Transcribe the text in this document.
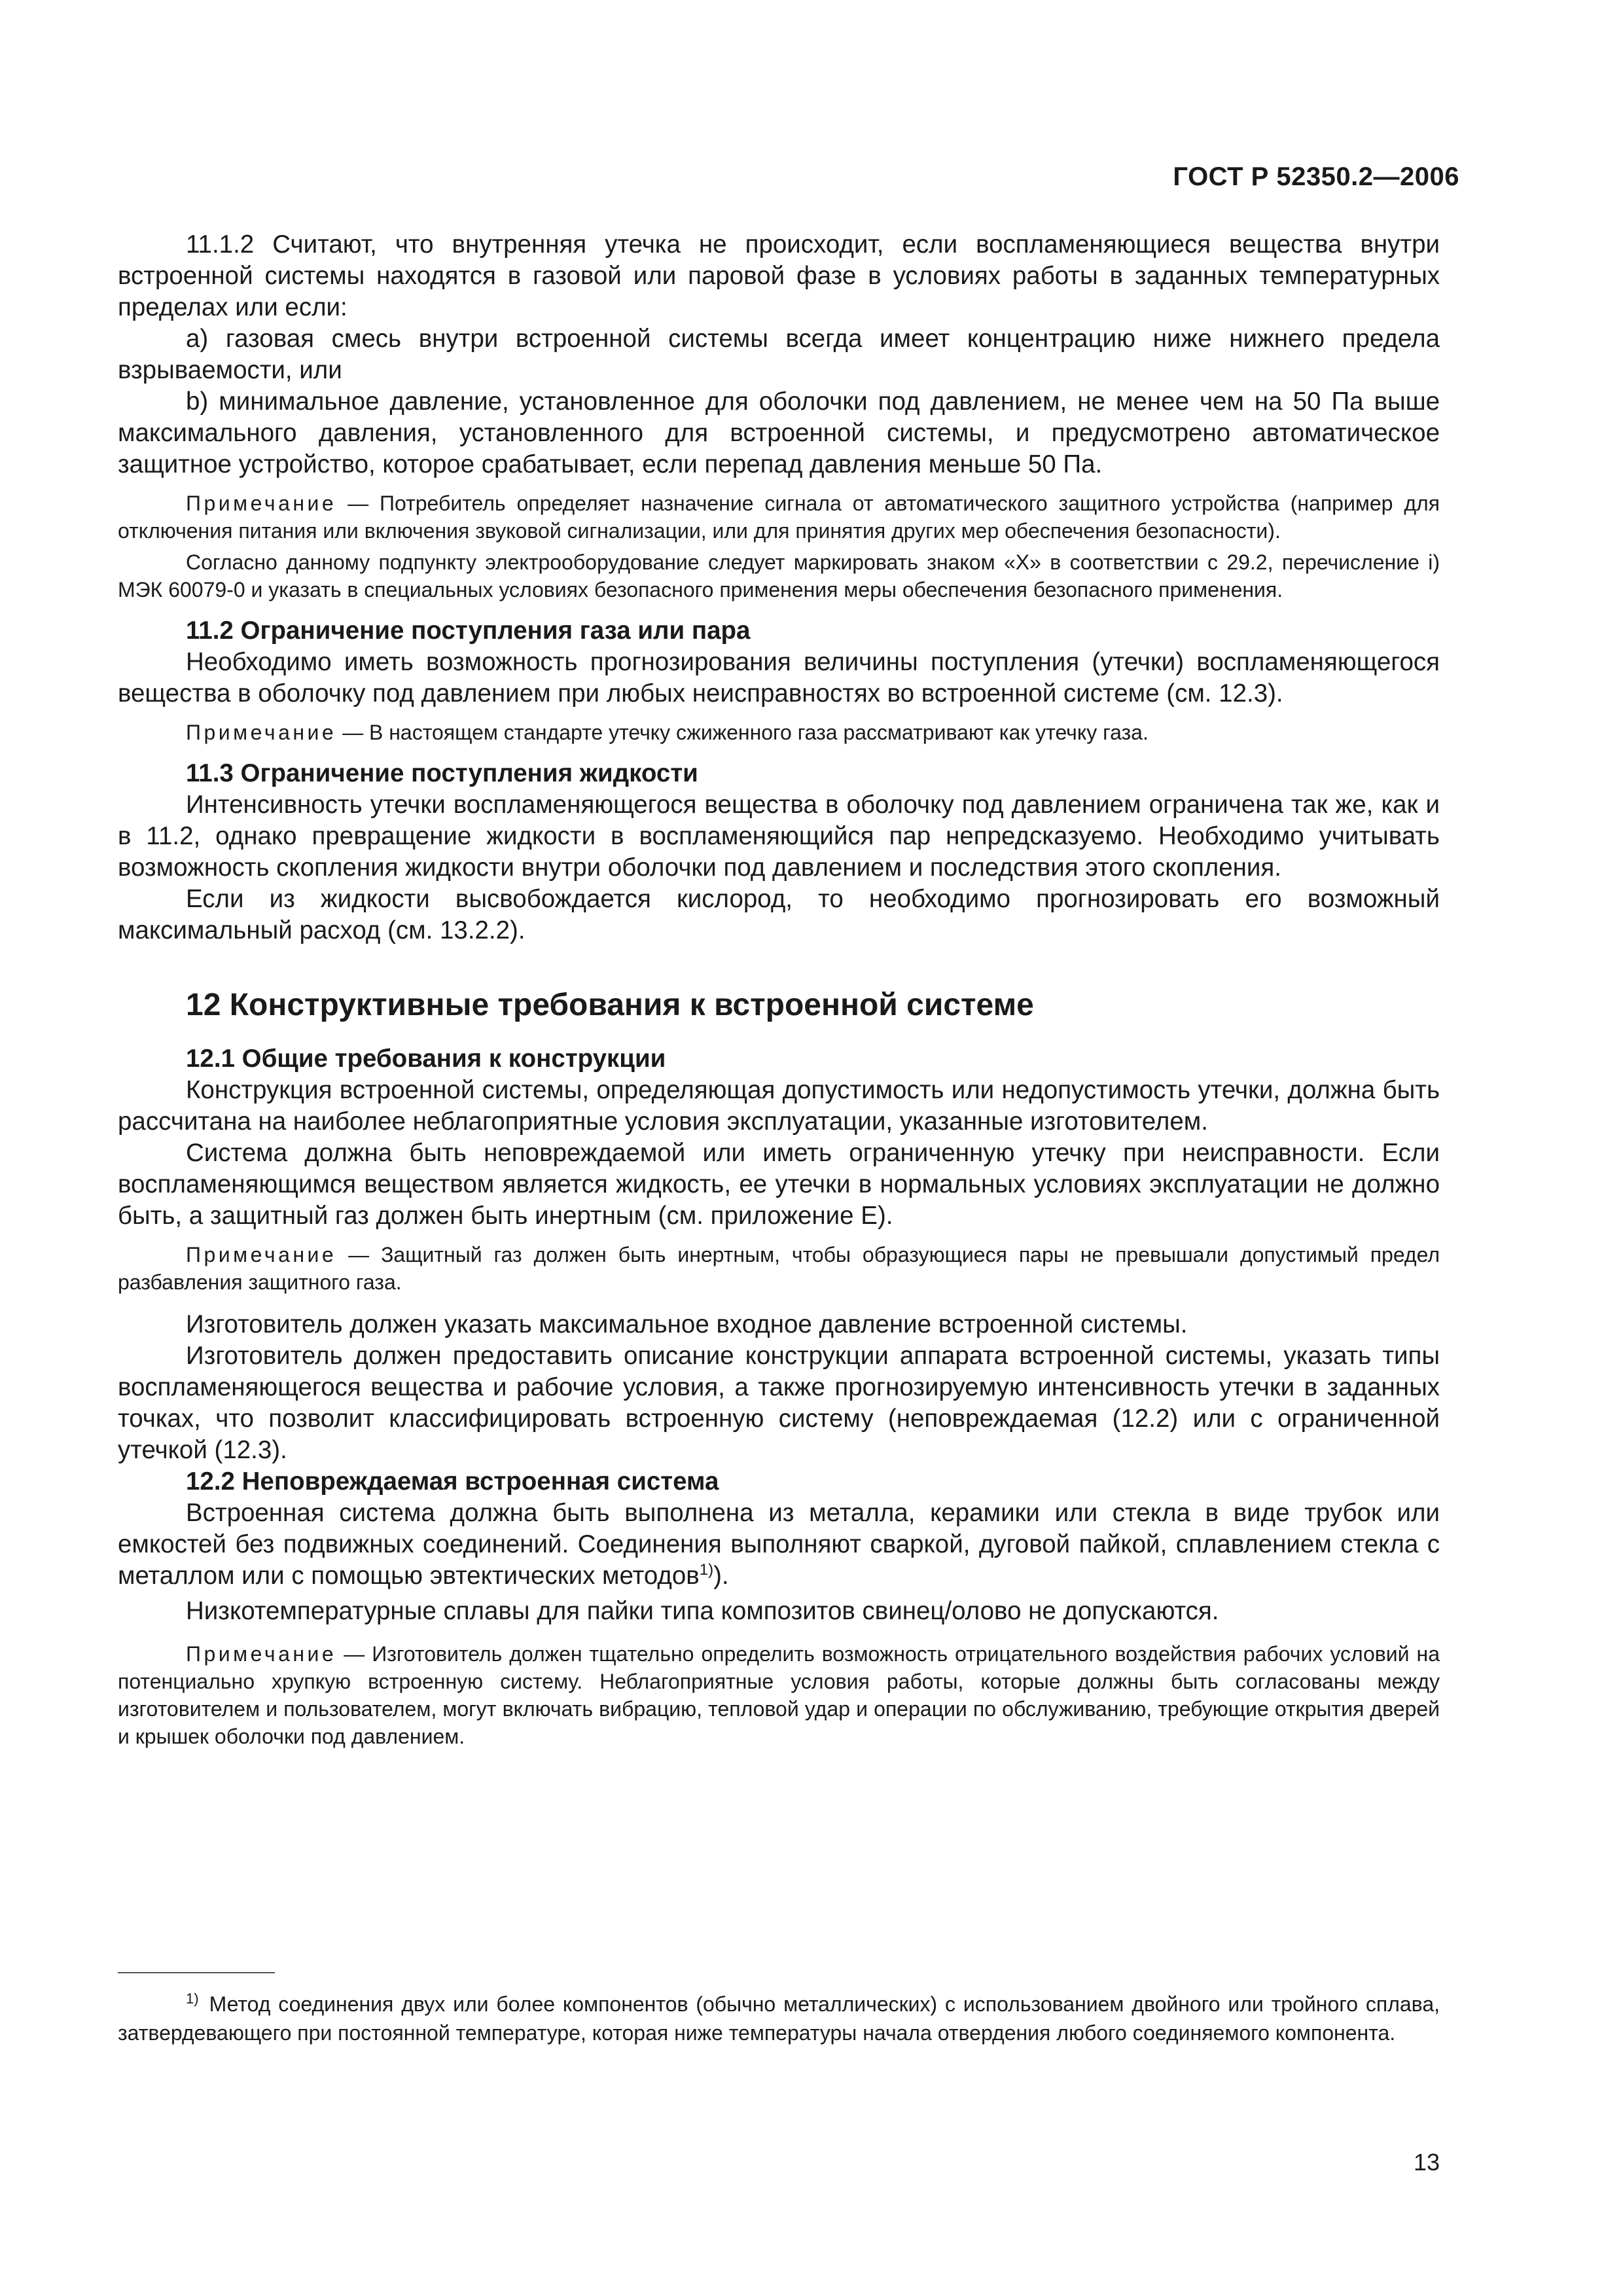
ГОСТ Р 52350.2—2006

11.1.2 Считают, что внутренняя утечка не происходит, если воспламеняющиеся вещества внутри встроенной системы находятся в газовой или паровой фазе в условиях работы в заданных температурных пределах или если:

а) газовая смесь внутри встроенной системы всегда имеет концентрацию ниже нижнего предела взрываемости, или

b) минимальное давление, установленное для оболочки под давлением, не менее чем на 50 Па выше максимального давления, установленного для встроенной системы, и предусмотрено автоматическое защитное устройство, которое срабатывает, если перепад давления меньше 50 Па.

Примечание — Потребитель определяет назначение сигнала от автоматического защитного устройства (например для отключения питания или включения звуковой сигнализации, или для принятия других мер обеспечения безопасности).

Согласно данному подпункту электрооборудование следует маркировать знаком «X» в соответствии с 29.2, перечисление i) МЭК 60079-0 и указать в специальных условиях безопасного применения меры обеспечения безопасного применения.

11.2 Ограничение поступления газа или пара

Необходимо иметь возможность прогнозирования величины поступления (утечки) воспламеняющегося вещества в оболочку под давлением при любых неисправностях во встроенной системе (см. 12.3).

Примечание — В настоящем стандарте утечку сжиженного газа рассматривают как утечку газа.

11.3 Ограничение поступления жидкости

Интенсивность утечки воспламеняющегося вещества в оболочку под давлением ограничена так же, как и в 11.2, однако превращение жидкости в воспламеняющийся пар непредсказуемо. Необходимо учитывать возможность скопления жидкости внутри оболочки под давлением и последствия этого скопления.

Если из жидкости высвобождается кислород, то необходимо прогнозировать его возможный максимальный расход (см. 13.2.2).

12 Конструктивные требования к встроенной системе

12.1 Общие требования к конструкции

Конструкция встроенной системы, определяющая допустимость или недопустимость утечки, должна быть рассчитана на наиболее неблагоприятные условия эксплуатации, указанные изготовителем.

Система должна быть неповреждаемой или иметь ограниченную утечку при неисправности. Если воспламеняющимся веществом является жидкость, ее утечки в нормальных условиях эксплуатации не должно быть, а защитный газ должен быть инертным (см. приложение Е).

Примечание — Защитный газ должен быть инертным, чтобы образующиеся пары не превышали допустимый предел разбавления защитного газа.

Изготовитель должен указать максимальное входное давление встроенной системы.

Изготовитель должен предоставить описание конструкции аппарата встроенной системы, указать типы воспламеняющегося вещества и рабочие условия, а также прогнозируемую интенсивность утечки в заданных точках, что позволит классифицировать встроенную систему (неповреждаемая (12.2) или с ограниченной утечкой (12.3).

12.2 Неповреждаемая встроенная система

Встроенная система должна быть выполнена из металла, керамики или стекла в виде трубок или емкостей без подвижных соединений. Соединения выполняют сваркой, дуговой пайкой, сплавлением стекла с металлом или с помощью эвтектических методов$^{1)}$).

Низкотемпературные сплавы для пайки типа композитов свинец/олово не допускаются.

Примечание — Изготовитель должен тщательно определить возможность отрицательного воздействия рабочих условий на потенциально хрупкую встроенную систему. Неблагоприятные условия работы, которые должны быть согласованы между изготовителем и пользователем, могут включать вибрацию, тепловой удар и операции по обслуживанию, требующие открытия дверей и крышек оболочки под давлением.

$^{1)}$ Метод соединения двух или более компонентов (обычно металлических) с использованием двойного или тройного сплава, затвердевающего при постоянной температуре, которая ниже температуры начала отвердения любого соединяемого компонента.

13
